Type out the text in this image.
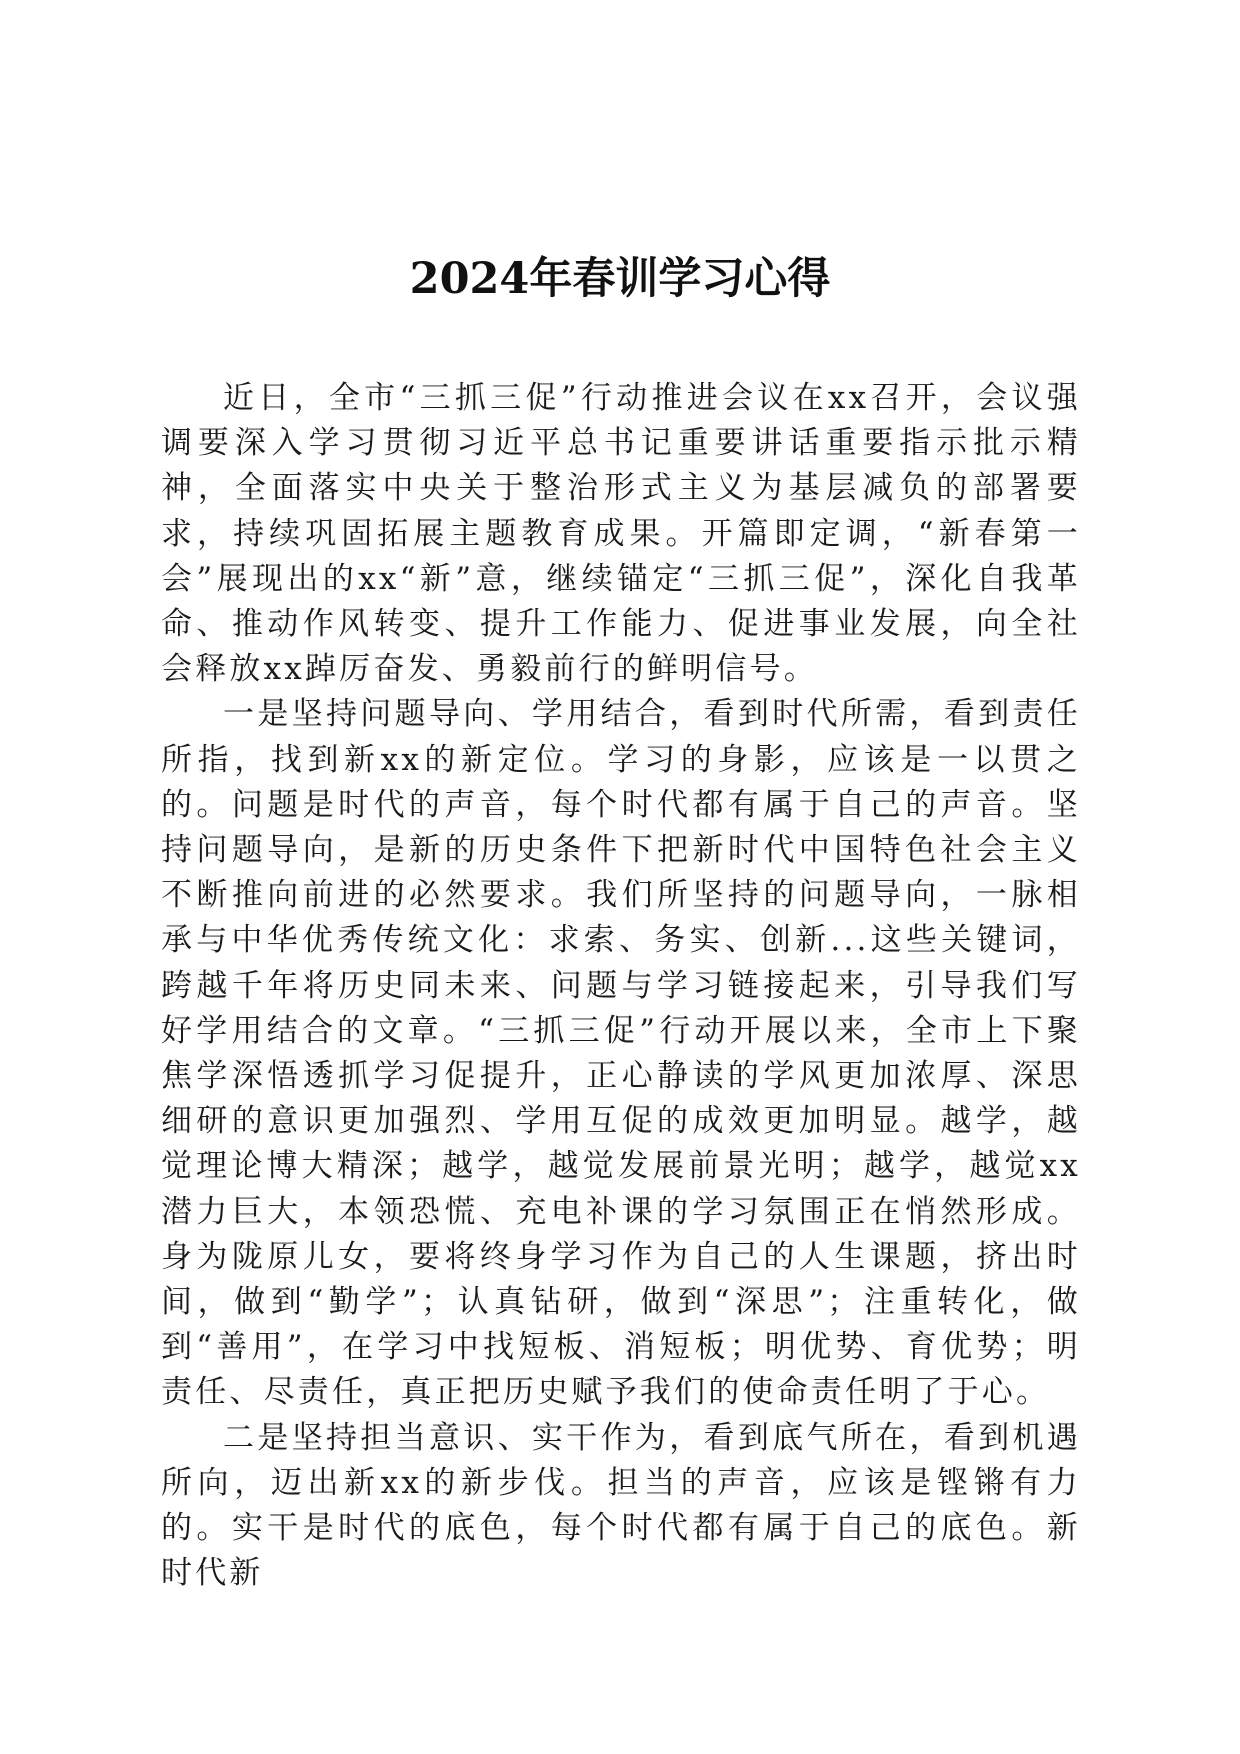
2024年春训学习心得

近日，全市“三抓三促”行动推进会议在xx召开，会议强调要深入学习贯彻习近平总书记重要讲话重要指示批示精神，全面落实中央关于整治形式主义为基层减负的部署要求，持续巩固拓展主题教育成果。开篇即定调，“新春第一会”展现出的xx“新”意，继续锚定“三抓三促”，深化自我革命、推动作风转变、提升工作能力、促进事业发展，向全社会释放xx踔厉奋发、勇毅前行的鲜明信号。

一是坚持问题导向、学用结合，看到时代所需，看到责任所指，找到新xx的新定位。学习的身影，应该是一以贯之的。问题是时代的声音，每个时代都有属于自己的声音。坚持问题导向，是新的历史条件下把新时代中国特色社会主义不断推向前进的必然要求。我们所坚持的问题导向，一脉相承与中华优秀传统文化：求索、务实、创新...这些关键词，跨越千年将历史同未来、问题与学习链接起来，引导我们写好学用结合的文章。“三抓三促”行动开展以来，全市上下聚焦学深悟透抓学习促提升，正心静读的学风更加浓厚、深思细研的意识更加强烈、学用互促的成效更加明显。越学，越觉理论博大精深；越学，越觉发展前景光明；越学，越觉xx潜力巨大，本领恐慌、充电补课的学习氛围正在悄然形成。身为陇原儿女，要将终身学习作为自己的人生课题，挤出时间，做到“勤学”；认真钻研，做到“深思”；注重转化，做到“善用”，在学习中找短板、消短板；明优势、育优势；明责任、尽责任，真正把历史赋予我们的使命责任明了于心。

二是坚持担当意识、实干作为，看到底气所在，看到机遇所向，迈出新xx的新步伐。担当的声音，应该是铿锵有力的。实干是时代的底色，每个时代都有属于自己的底色。新时代新
